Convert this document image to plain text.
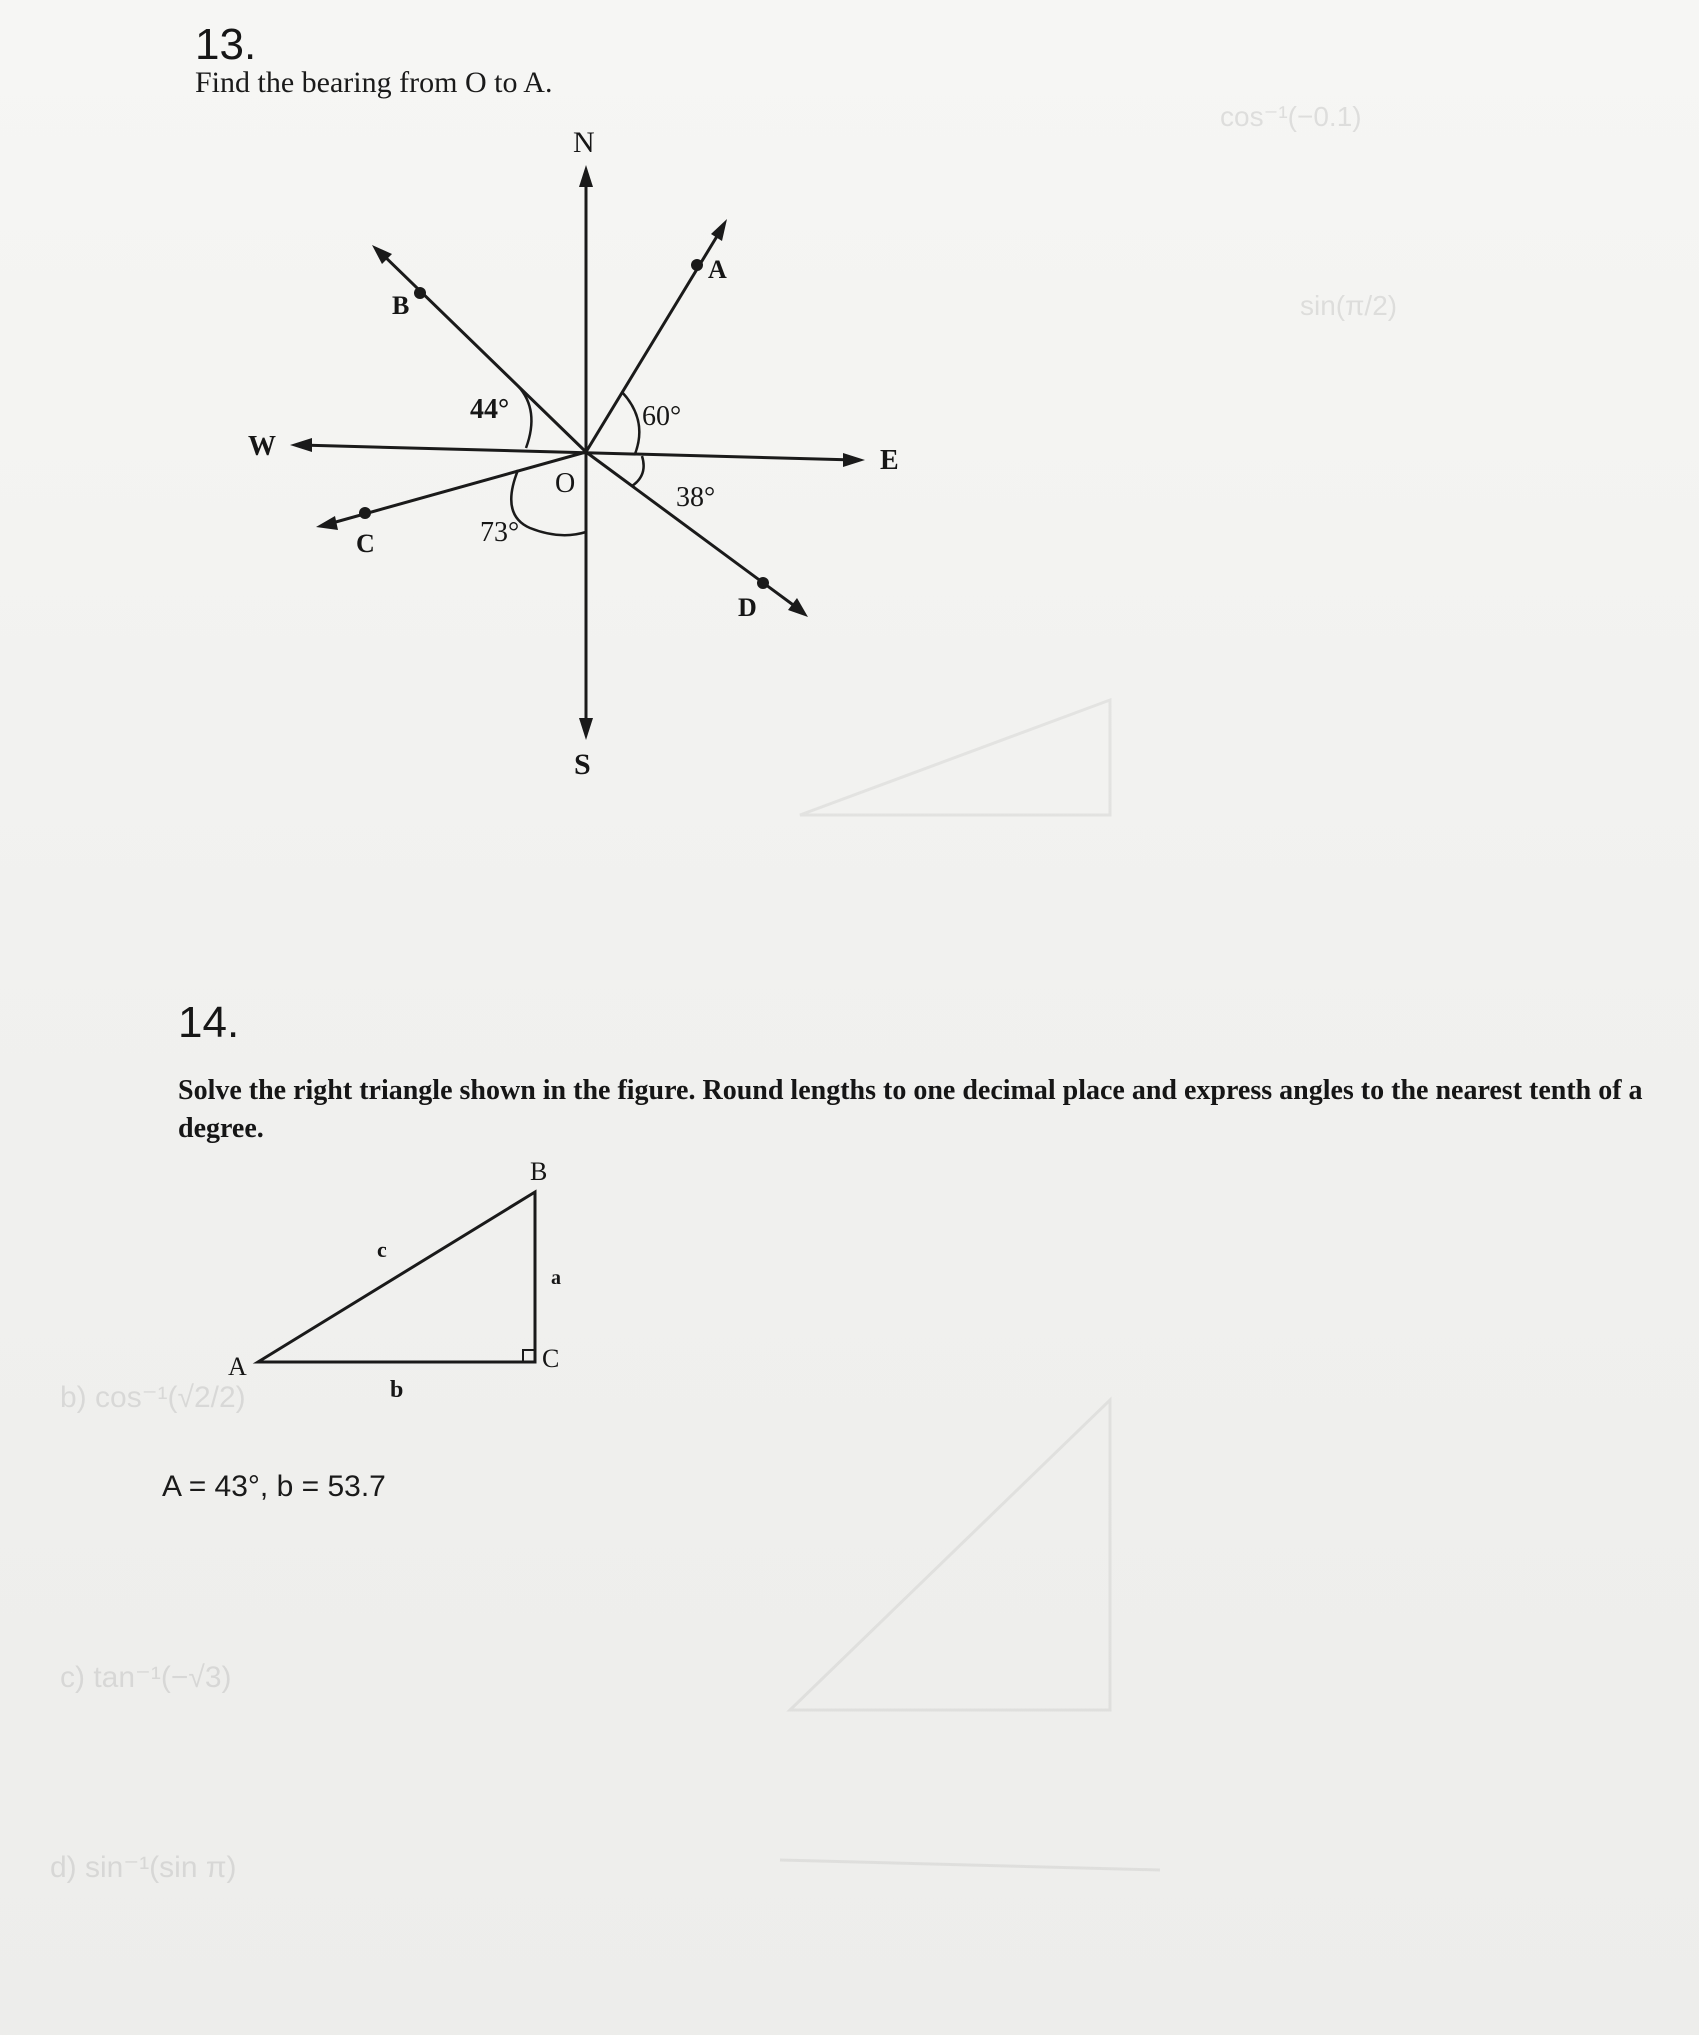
cos⁻¹(−0.1)
sin(π/2)
b) cos⁻¹(√2/2)
c) tan⁻¹(−√3)
d) sin⁻¹(sin π)
13.
Find the bearing from O to A.
N
S
E
W
O
A
B
C
D
44°	60°
38°
73°
14.
Solve the right triangle shown in the figure. Round lengths to one decimal place and express angles to the nearest tenth of a degree.
A
B
C
a
b
c
A = 43°, b = 53.7
